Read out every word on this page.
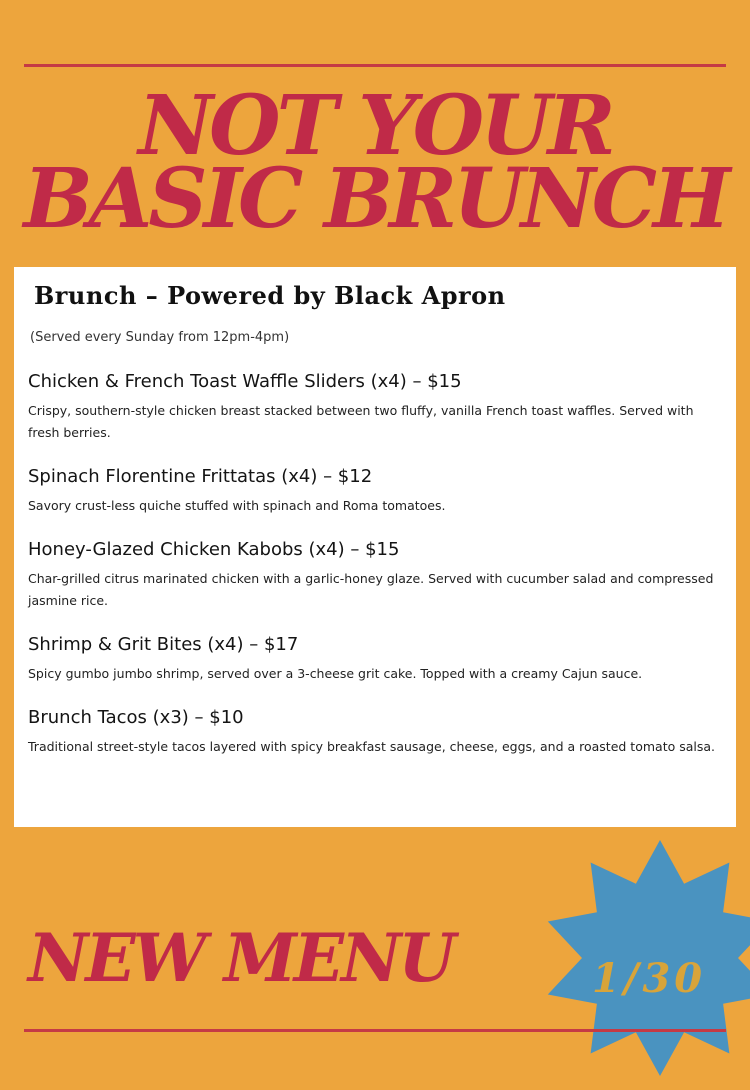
NOT YOUR
BASIC BRUNCH
Brunch – Powered by Black Apron
(Served every Sunday from 12pm-4pm)
Chicken & French Toast Waffle Sliders (x4) – $15
Crispy, southern-style chicken breast stacked between two fluffy, vanilla French toast waffles. Served with fresh berries.
Spinach Florentine Frittatas (x4) – $12
Savory crust-less quiche stuffed with spinach and Roma tomatoes.
Honey-Glazed Chicken Kabobs (x4) – $15
Char-grilled citrus marinated chicken with a garlic-honey glaze. Served with cucumber salad and compressed jasmine rice.
Shrimp & Grit Bites (x4) – $17
Spicy gumbo jumbo shrimp, served over a 3-cheese grit cake. Topped with a creamy Cajun sauce.
Brunch Tacos (x3) – $10
Traditional street-style tacos layered with spicy breakfast sausage, cheese, eggs, and a roasted tomato salsa.
1/30
NEW MENU
